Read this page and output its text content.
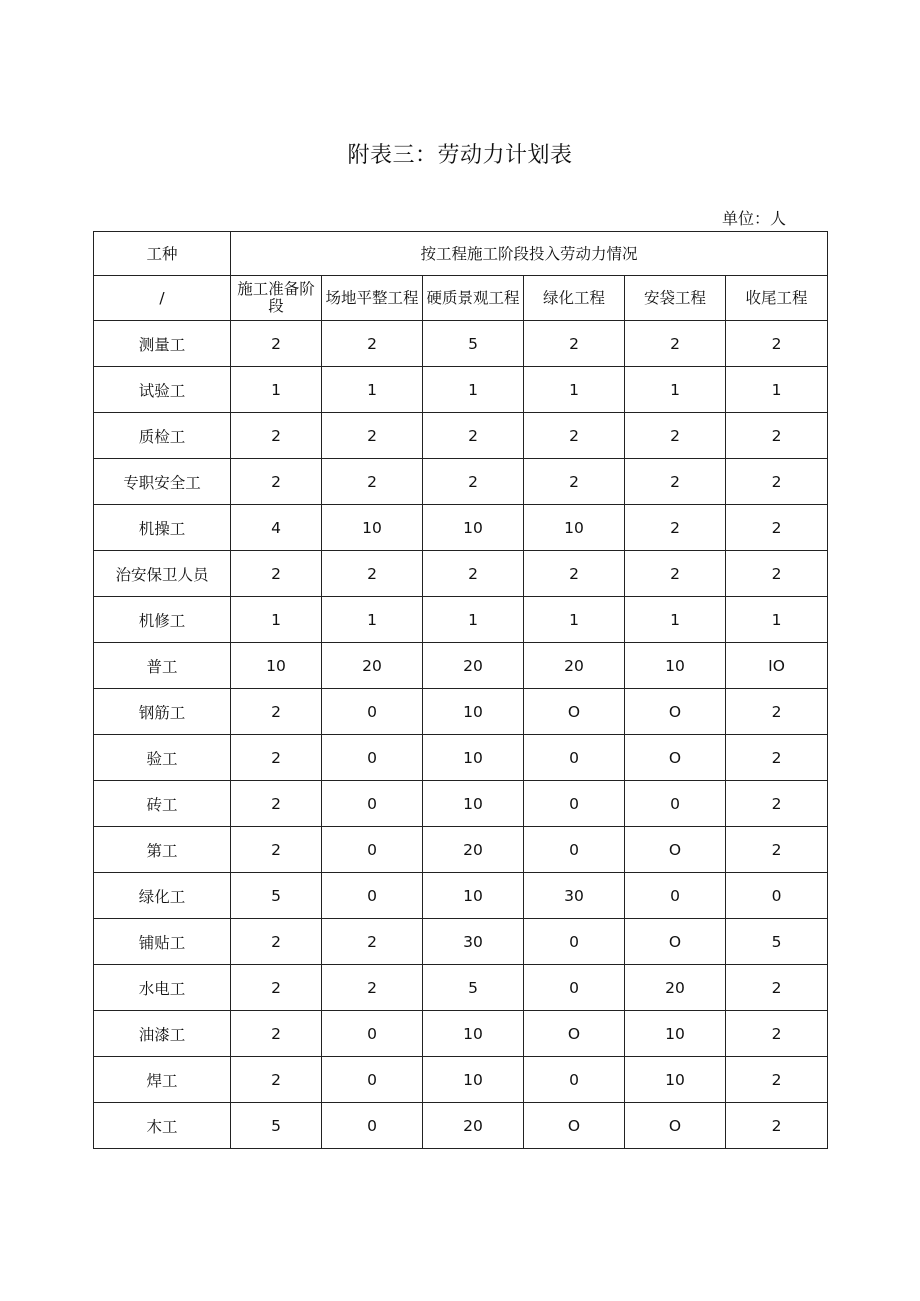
附表三：劳动力计划表
单位：人
工种	按工程施工阶段投入劳动力情况					
/	施工准备阶段	场地平整工程	硬质景观工程	绿化工程	安袋工程	收尾工程
测量工	2	2	5	2	2	2
试验工	1	1	1	1	1	1
质检工	2	2	2	2	2	2
专职安全工	2	2	2	2	2	2
机操工	4	10	10	10	2	2
治安保卫人员	2	2	2	2	2	2
机修工	1	1	1	1	1	1
普工	10	20	20	20	10	IO
钢筋工	2	0	10	O	O	2
验工	2	0	10	0	O	2
砖工	2	0	10	0	0	2
第工	2	0	20	0	O	2
绿化工	5	0	10	30	0	0
铺贴工	2	2	30	0	O	5
水电工	2	2	5	0	20	2
油漆工	2	0	10	O	10	2
焊工	2	0	10	0	10	2
木工	5	0	20	O	O	2
